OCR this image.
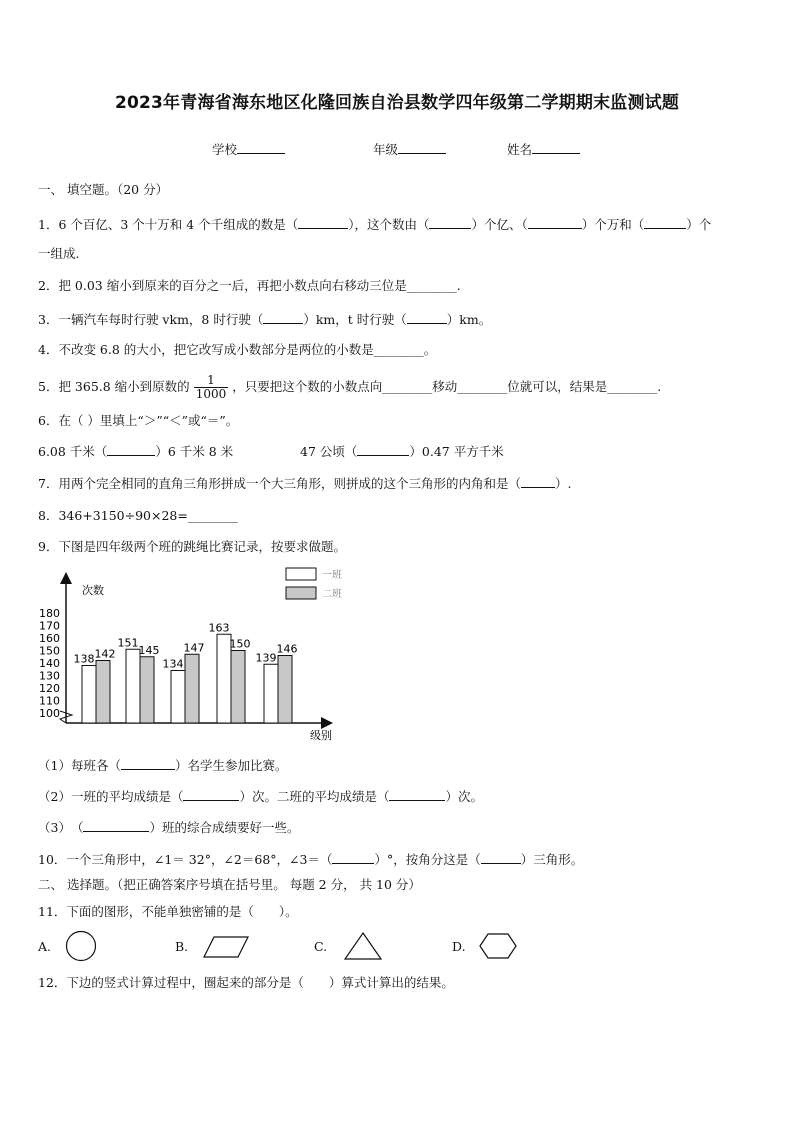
2023年青海省海东地区化隆回族自治县数学四年级第二学期期末监测试题
学校	年级	姓名
一、 填空题。（20 分）
1．6 个百亿、3 个十万和 4 个千组成的数是（	），这个数由（	）个亿、（	）个万和（	）个
一组成.
2．把 0.03 缩小到原来的百分之一后，再把小数点向右移动三位是________.
3．一辆汽车每时行驶 vkm，8 时行驶（	）km，t 时行驶（	）km。
4．不改变 6.8 的大小，把它改写成小数部分是两位的小数是________。
5．把 365.8 缩小到原数的 $\frac{1}{1000}$ ，只要把这个数的小数点向________移动________位就可以，结果是________.
6．在（ ）里填上“＞”“＜”或“＝”。
6.08 千米（	）6 千米 8 米	47 公顷（	）0.47 平方千米
7．用两个完全相同的直角三角形拼成一个大三角形，则拼成的这个三角形的内角和是（	）.
8．346+3150÷90×28=________
9．下图是四年级两个班的跳绳比赛记录，按要求做题。
次数
级别
100
110
120
130
140
150
160
170
180
138 142
151
145
134
147
163
150
139
146
一班
二班
（1）每班各（	）名学生参加比赛。
（2）一班的平均成绩是（	）次。二班的平均成绩是（	）次。
（3）　（	）班的综合成绩要好一些。
10．一个三角形中，∠1＝ 32°，∠2＝68°，∠3＝（	）°，按角分这是（	）三角形。
二、 选择题。（把正确答案序号填在括号里。 每题 2 分， 共 10 分）
11．下面的图形，不能单独密铺的是（　　）。
A.	B.	C.	D.
12．下边的竖式计算过程中，圈起来的部分是（　　）算式计算出的结果。
